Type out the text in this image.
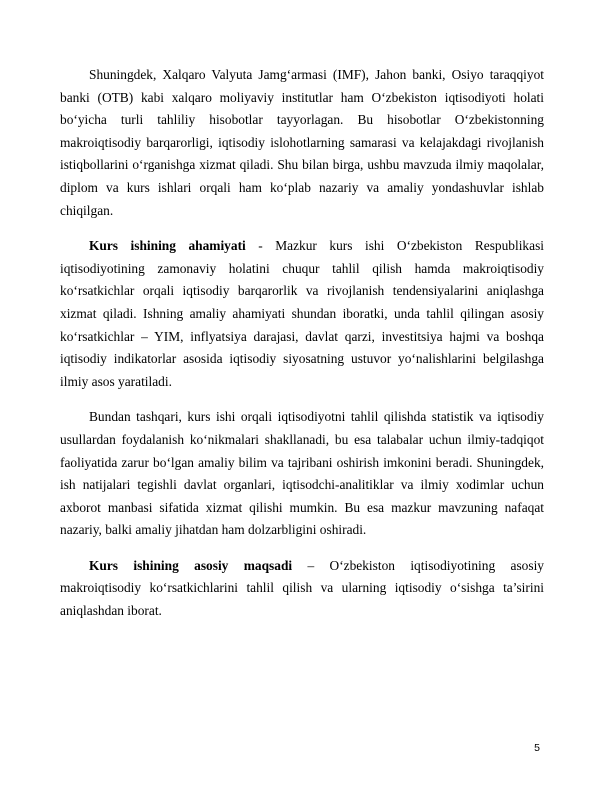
Shuningdek, Xalqaro Valyuta Jamg‘armasi (IMF), Jahon banki, Osiyo taraqqiyot banki (OTB) kabi xalqaro moliyaviy institutlar ham O‘zbekiston iqtisodiyoti holati bo‘yicha turli tahliliy hisobotlar tayyorlagan. Bu hisobotlar O‘zbekistonning makroiqtisodiy barqarorligi, iqtisodiy islohotlarning samarasi va kelajakdagi rivojlanish istiqbollarini o‘rganishga xizmat qiladi. Shu bilan birga, ushbu mavzuda ilmiy maqolalar, diplom va kurs ishlari orqali ham ko‘plab nazariy va amaliy yondashuvlar ishlab chiqilgan.

Kurs ishining ahamiyati - Mazkur kurs ishi O‘zbekiston Respublikasi iqtisodiyotining zamonaviy holatini chuqur tahlil qilish hamda makroiqtisodiy ko‘rsatkichlar orqali iqtisodiy barqarorlik va rivojlanish tendensiyalarini aniqlashga xizmat qiladi. Ishning amaliy ahamiyati shundan iboratki, unda tahlil qilingan asosiy ko‘rsatkichlar – YIM, inflyatsiya darajasi, davlat qarzi, investitsiya hajmi va boshqa iqtisodiy indikatorlar asosida iqtisodiy siyosatning ustuvor yo‘nalishlarini belgilashga ilmiy asos yaratiladi.

Bundan tashqari, kurs ishi orqali iqtisodiyotni tahlil qilishda statistik va iqtisodiy usullardan foydalanish ko‘nikmalari shakllanadi, bu esa talabalar uchun ilmiy-tadqiqot faoliyatida zarur bo‘lgan amaliy bilim va tajribani oshirish imkonini beradi. Shuningdek, ish natijalari tegishli davlat organlari, iqtisodchi-analitiklar va ilmiy xodimlar uchun axborot manbasi sifatida xizmat qilishi mumkin. Bu esa mazkur mavzuning nafaqat nazariy, balki amaliy jihatdan ham dolzarbligini oshiradi.

Kurs ishining asosiy maqsadi – O‘zbekiston iqtisodiyotining asosiy makroiqtisodiy ko‘rsatkichlarini tahlil qilish va ularning iqtisodiy o‘sishga ta’sirini aniqlashdan iborat.

5
